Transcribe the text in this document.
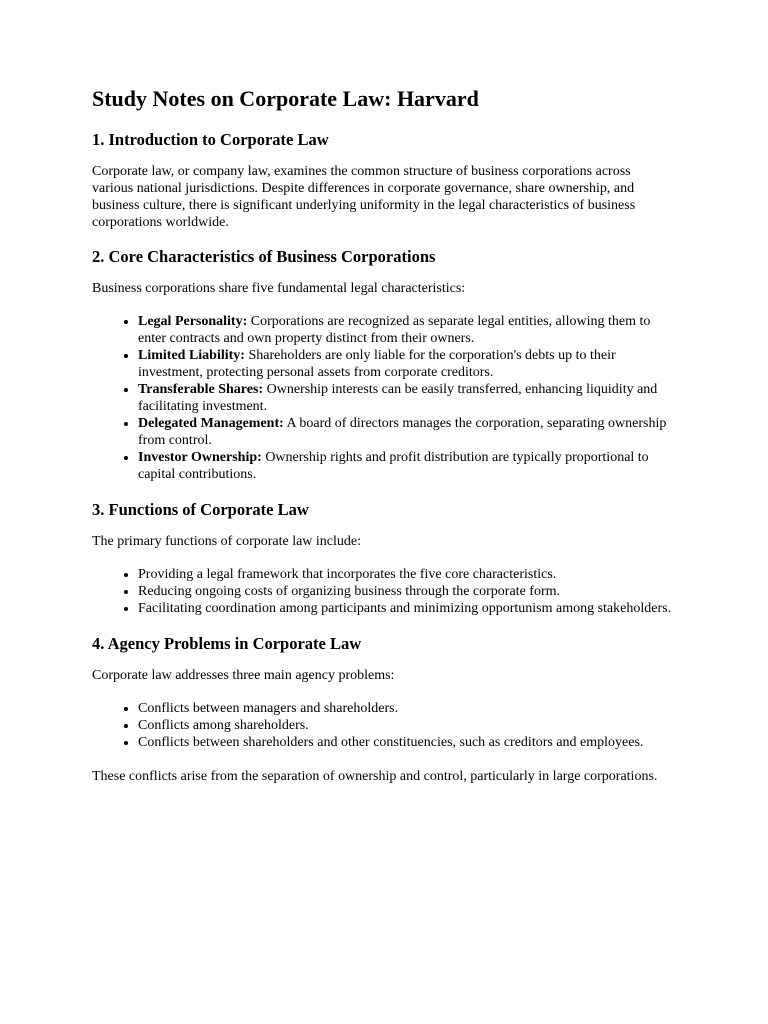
Study Notes on Corporate Law: Harvard
1. Introduction to Corporate Law

Corporate law, or company law, examines the common structure of business corporations across various national jurisdictions. Despite differences in corporate governance, share ownership, and business culture, there is significant underlying uniformity in the legal characteristics of business corporations worldwide.

2. Core Characteristics of Business Corporations

Business corporations share five fundamental legal characteristics:

• Legal Personality: Corporations are recognized as separate legal entities, allowing them to enter contracts and own property distinct from their owners.
• Limited Liability: Shareholders are only liable for the corporation's debts up to their investment, protecting personal assets from corporate creditors.
• Transferable Shares: Ownership interests can be easily transferred, enhancing liquidity and facilitating investment.
• Delegated Management: A board of directors manages the corporation, separating ownership from control.
• Investor Ownership: Ownership rights and profit distribution are typically proportional to capital contributions.
3. Functions of Corporate Law

The primary functions of corporate law include:

• Providing a legal framework that incorporates the five core characteristics.
• Reducing ongoing costs of organizing business through the corporate form.
• Facilitating coordination among participants and minimizing opportunism among stakeholders.
4. Agency Problems in Corporate Law

Corporate law addresses three main agency problems:

• Conflicts between managers and shareholders.
• Conflicts among shareholders.
• Conflicts between shareholders and other constituencies, such as creditors and employees.

These conflicts arise from the separation of ownership and control, particularly in large corporations.
